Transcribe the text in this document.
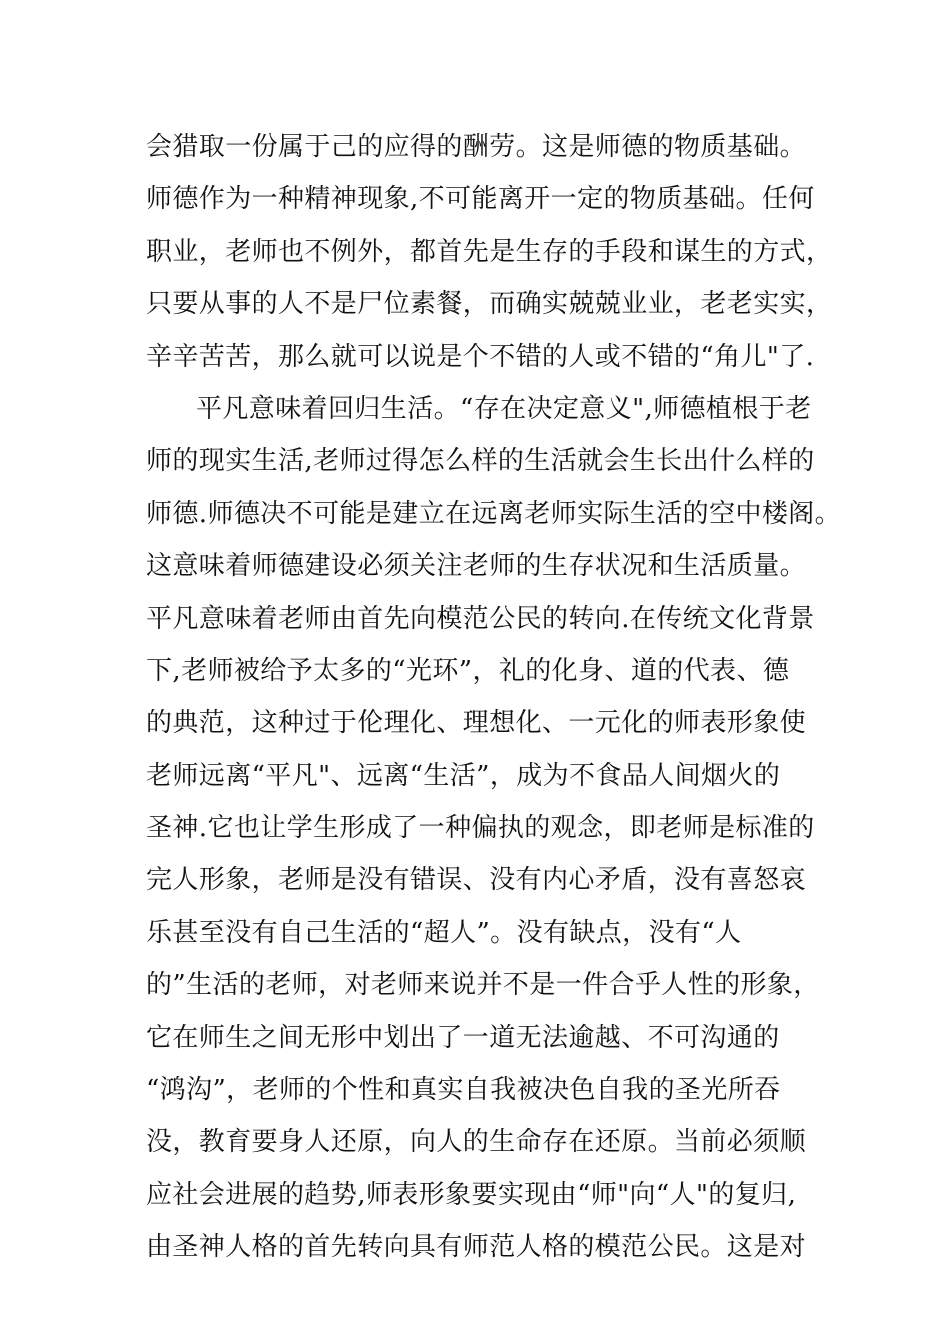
会猎取一份属于己的应得的酬劳。这是师德的物质基础。
师德作为一种精神现象,不可能离开一定的物质基础。任何
职业，老师也不例外，都首先是生存的手段和谋生的方式，
只要从事的人不是尸位素餐，而确实兢兢业业，老老实实，
辛辛苦苦，那么就可以说是个不错的人或不错的“角儿"了.
平凡意味着回归生活。“存在决定意义",师德植根于老
师的现实生活,老师过得怎么样的生活就会生长出什么样的
师德.师德决不可能是建立在远离老师实际生活的空中楼阁。
这意味着师德建设必须关注老师的生存状况和生活质量。
平凡意味着老师由首先向模范公民的转向.在传统文化背景
下,老师被给予太多的“光环”，礼的化身、道的代表、德
的典范，这种过于伦理化、理想化、一元化的师表形象使
老师远离“平凡"、远离“生活”，成为不食品人间烟火的
圣神.它也让学生形成了一种偏执的观念，即老师是标准的
完人形象，老师是没有错误、没有内心矛盾，没有喜怒哀
乐甚至没有自己生活的“超人”。没有缺点，没有“人
的”生活的老师，对老师来说并不是一件合乎人性的形象，
它在师生之间无形中划出了一道无法逾越、不可沟通的
“鸿沟”，老师的个性和真实自我被决色自我的圣光所吞
没，教育要身人还原，向人的生命存在还原。当前必须顺
应社会进展的趋势,师表形象要实现由“师"向“人"的复归,
由圣神人格的首先转向具有师范人格的模范公民。这是对
